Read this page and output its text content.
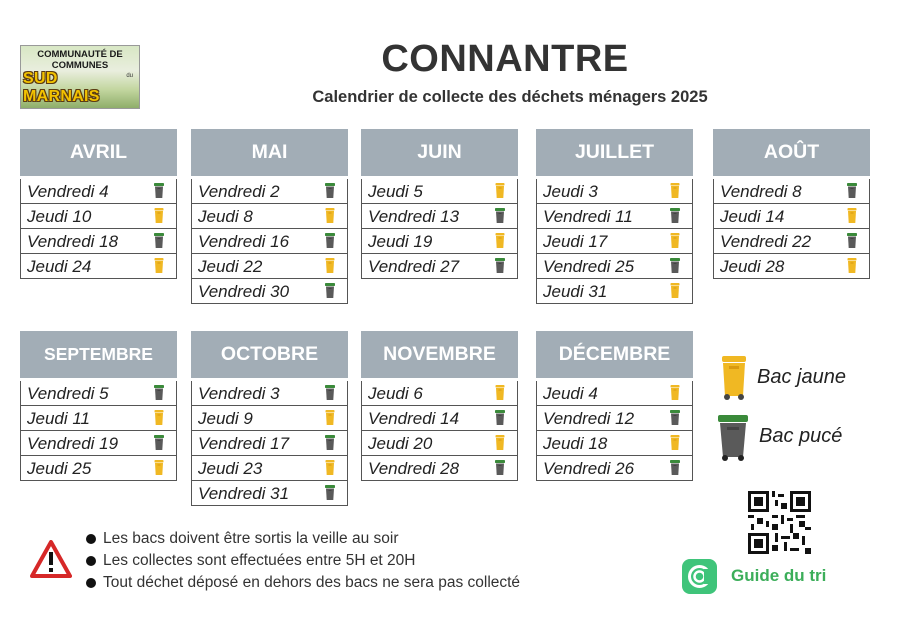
COMMUNAUTÉ DE
COMMUNES
du
SUD MARNAIS
CONNANTRE
Calendrier de collecte des déchets ménagers 2025
AVRIL
Vendredi 4
Jeudi 10
Vendredi 18
Jeudi 24
MAI
Vendredi 2
Jeudi 8
Vendredi 16
Jeudi 22
Vendredi 30
JUIN
Jeudi 5
Vendredi 13
Jeudi 19
Vendredi 27
JUILLET
Jeudi 3
Vendredi 11
Jeudi 17
Vendredi 25
Jeudi 31
AOÛT
Vendredi 8
Jeudi 14
Vendredi 22
Jeudi 28
SEPTEMBRE
Vendredi 5
Jeudi 11
Vendredi 19
Jeudi 25
OCTOBRE
Vendredi 3
Jeudi 9
Vendredi 17
Jeudi 23
Vendredi 31
NOVEMBRE
Jeudi 6
Vendredi 14
Jeudi 20
Vendredi 28
DÉCEMBRE
Jeudi 4
Vendredi 12
Jeudi 18
Vendredi 26
Bac jaune
Bac pucé
Les bacs doivent être sortis la veille au soir
Les collectes sont effectuées entre 5H et 20H
Tout déchet déposé en dehors des bacs ne sera pas collecté	Guide du tri
